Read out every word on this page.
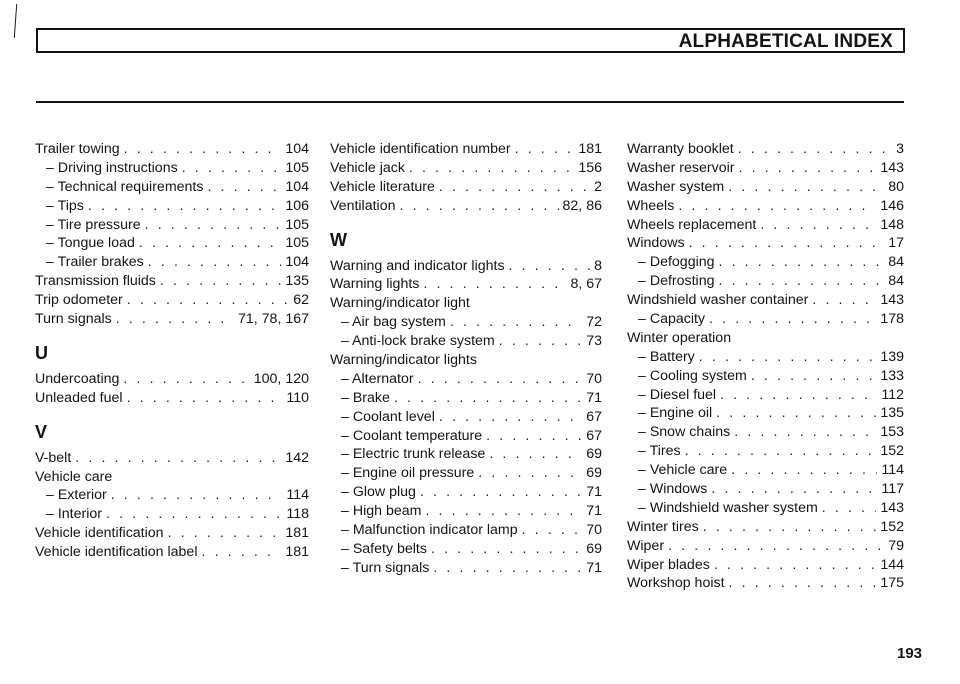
ALPHABETICAL INDEX
Trailer towing . . .	104
– Driving instructions . . .	105
– Technical requirements . . .	104
– Tips . . .	106
– Tire pressure . . .	105
– Tongue load . . .	105
– Trailer brakes . . .	104
Transmission fluids . . .	135
Trip odometer . . .	62
Turn signals . . .	71, 78, 167
U
Undercoating . . .	100, 120
Unleaded fuel . . .	110
V
V-belt . . .	142
Vehicle care
– Exterior . . .	114
– Interior . . .	118
Vehicle identification . . .	181
Vehicle identification label . . .	181
Vehicle identification number . . .	181
Vehicle jack . . .	156
Vehicle literature . . .	2
Ventilation . . .	82, 86
W
Warning and indicator lights . . .	8
Warning lights . . .	8, 67
Warning/indicator light
– Air bag system . . .	72
– Anti-lock brake system . . .	73
Warning/indicator lights
– Alternator . . .	70
– Brake . . .	71
– Coolant level . . .	67
– Coolant temperature . . .	67
– Electric trunk release . . .	69
– Engine oil pressure . . .	69
– Glow plug . . .	71
– High beam . . .	71
– Malfunction indicator lamp . . .	70
– Safety belts . . .	69
– Turn signals . . .	71
Warranty booklet . . .	3
Washer reservoir . . .	143
Washer system . . .	80
Wheels . . .	146
Wheels replacement . . .	148
Windows . . .	17
– Defogging . . .	84
– Defrosting . . .	84
Windshield washer container . . .	143
– Capacity . . .	178
Winter operation
– Battery . . .	139
– Cooling system . . .	133
– Diesel fuel . . .	112
– Engine oil . . .	135
– Snow chains . . .	153
– Tires . . .	152
– Vehicle care . . .	114
– Windows . . .	117
– Windshield washer system . . .	143
Winter tires . . .	152
Wiper . . .	79
Wiper blades . . .	144
Workshop hoist . . .	175
193
